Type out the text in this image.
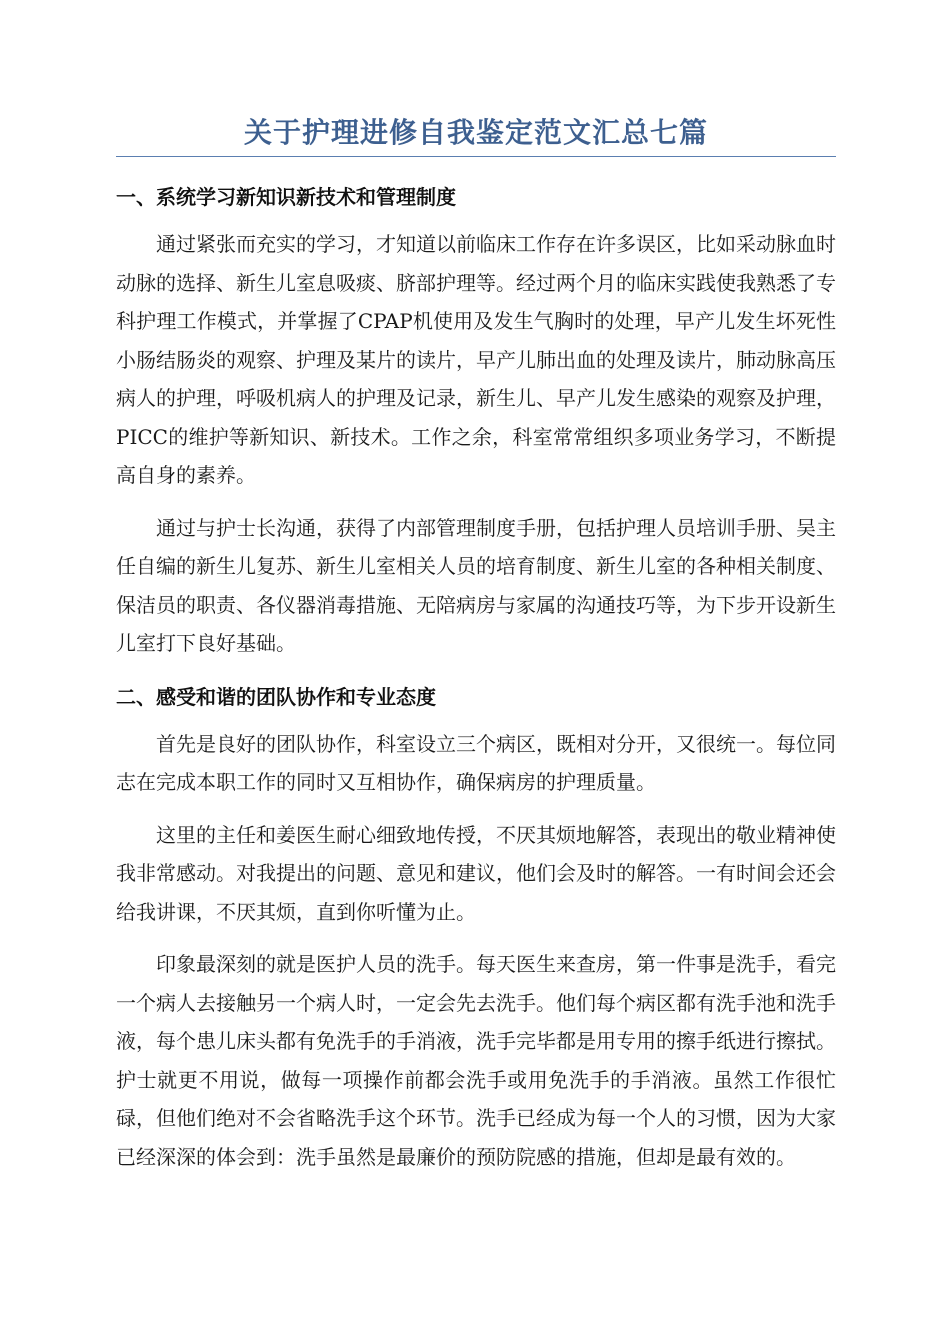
关于护理进修自我鉴定范文汇总七篇
一、系统学习新知识新技术和管理制度

通过紧张而充实的学习，才知道以前临床工作存在许多误区，比如采动脉血时动脉的选择、新生儿室息吸痰、脐部护理等。经过两个月的临床实践使我熟悉了专科护理工作模式，并掌握了CPAP机使用及发生气胸时的处理，早产儿发生坏死性小肠结肠炎的观察、护理及某片的读片，早产儿肺出血的处理及读片，肺动脉高压病人的护理，呼吸机病人的护理及记录，新生儿、早产儿发生感染的观察及护理，PICC的维护等新知识、新技术。工作之余，科室常常组织多项业务学习，不断提高自身的素养。

通过与护士长沟通，获得了内部管理制度手册，包括护理人员培训手册、吴主任自编的新生儿复苏、新生儿室相关人员的培育制度、新生儿室的各种相关制度、保洁员的职责、各仪器消毒措施、无陪病房与家属的沟通技巧等，为下步开设新生儿室打下良好基础。

二、感受和谐的团队协作和专业态度

首先是良好的团队协作，科室设立三个病区，既相对分开，又很统一。每位同志在完成本职工作的同时又互相协作，确保病房的护理质量。

这里的主任和姜医生耐心细致地传授，不厌其烦地解答，表现出的敬业精神使我非常感动。对我提出的问题、意见和建议，他们会及时的解答。一有时间会还会给我讲课，不厌其烦，直到你听懂为止。

印象最深刻的就是医护人员的洗手。每天医生来查房，第一件事是洗手，看完一个病人去接触另一个病人时，一定会先去洗手。他们每个病区都有洗手池和洗手液，每个患儿床头都有免洗手的手消液，洗手完毕都是用专用的擦手纸进行擦拭。护士就更不用说，做每一项操作前都会洗手或用免洗手的手消液。虽然工作很忙碌，但他们绝对不会省略洗手这个环节。洗手已经成为每一个人的习惯，因为大家已经深深的体会到：洗手虽然是最廉价的预防院感的措施，但却是最有效的。
